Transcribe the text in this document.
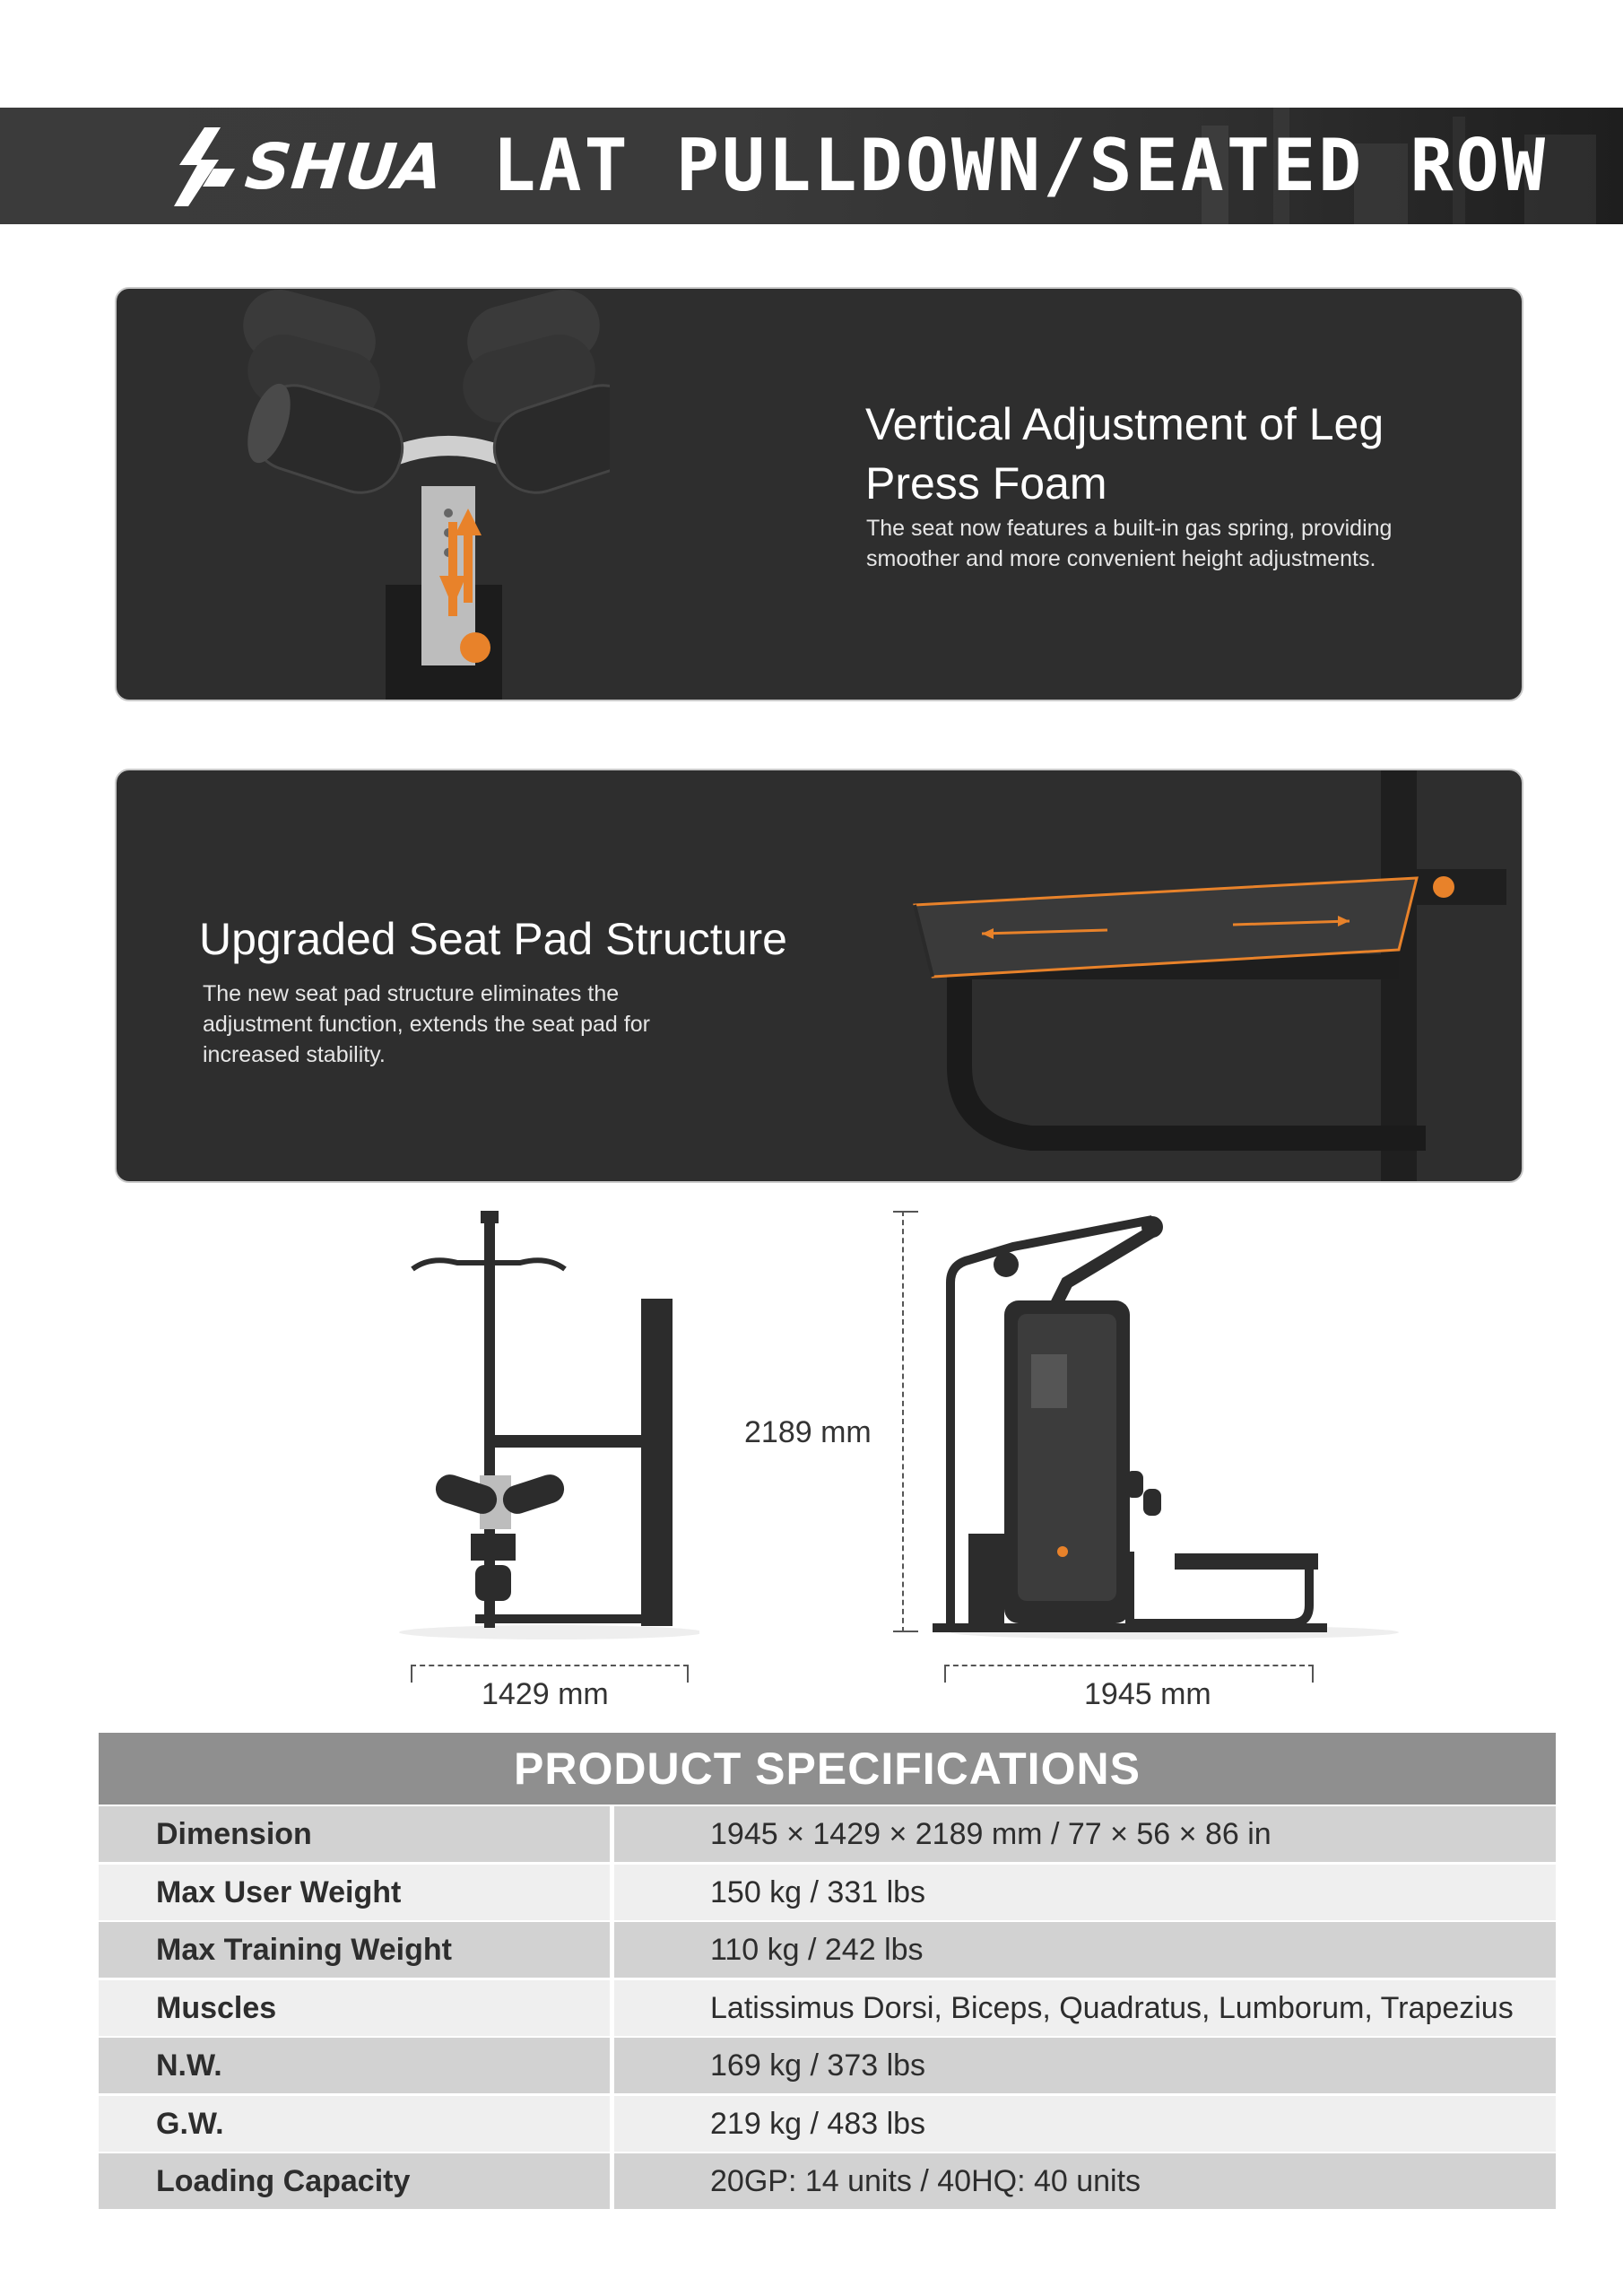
SHUA LAT PULLDOWN/SEATED ROW
Vertical Adjustment of Leg Press Foam
The seat now features a built-in gas spring, providing smoother and more convenient height adjustments.
Upgraded Seat Pad Structure
The new seat pad structure eliminates the adjustment function, extends the seat pad for increased stability.
1429 mm
2189 mm
1945 mm
PRODUCT SPECIFICATIONS
Dimension	1945 × 1429 × 2189 mm / 77 × 56 × 86 in
Max User Weight	150 kg / 331 lbs
Max Training Weight	110 kg / 242 lbs
Muscles	Latissimus Dorsi, Biceps, Quadratus, Lumborum, Trapezius
N.W.	169 kg / 373 lbs
G.W.	219 kg / 483 lbs
Loading Capacity	20GP: 14 units / 40HQ: 40 units
